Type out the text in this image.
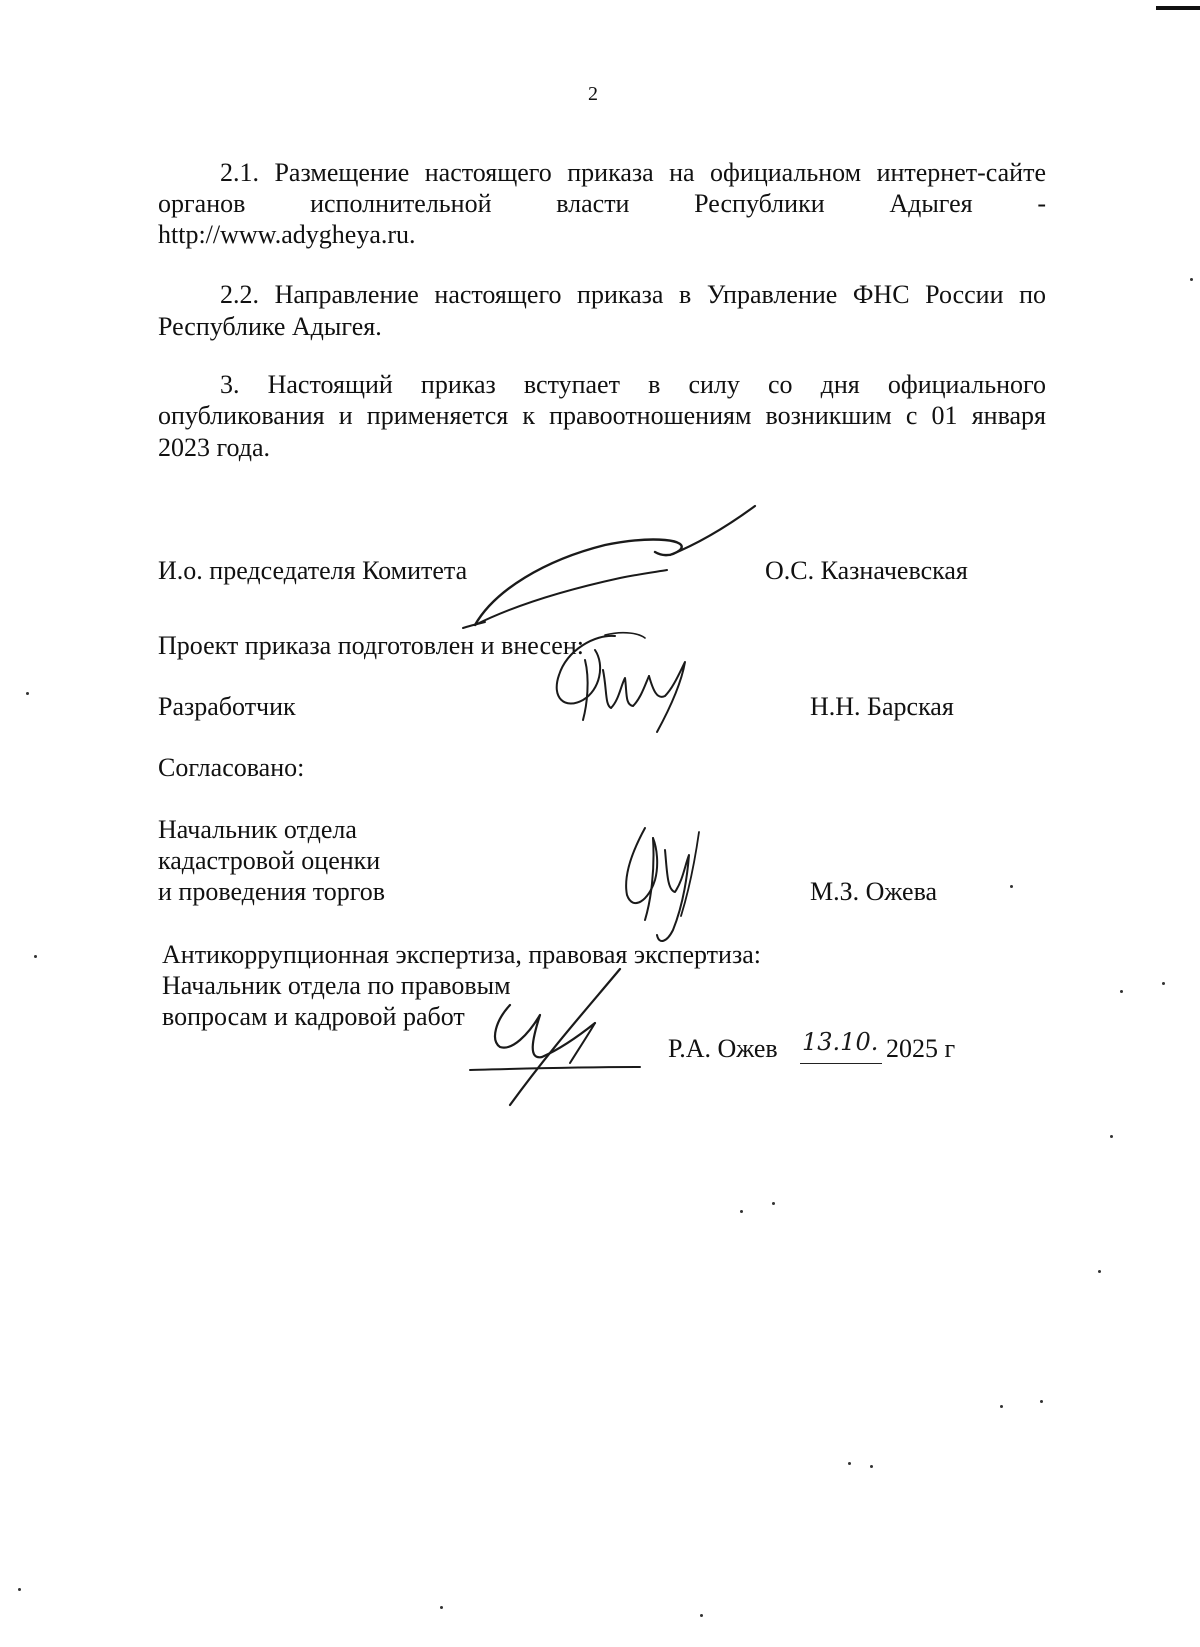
2
2.1. Размещение настоящего приказа на официальном интернет-сайте
органов исполнительной власти Республики Адыгея -
http://www.adygheya.ru.
2.2. Направление настоящего приказа в Управление ФНС России по
Республике Адыгея.
3. Настоящий приказ вступает в силу со дня официального
опубликования и применяется к правоотношениям возникшим с 01 января
2023 года.
И.о. председателя Комитета	О.С. Казначевская
Проект приказа подготовлен и внесен:
Разработчик	Н.Н. Барская
Согласовано:
Начальник отдела
кадастровой оценки
и проведения торгов	М.З. Ожева
Антикоррупционная экспертиза, правовая экспертиза:
Начальник отдела по правовым
вопросам и кадровой работ
Р.А. Ожев 13.10. 2025 г
